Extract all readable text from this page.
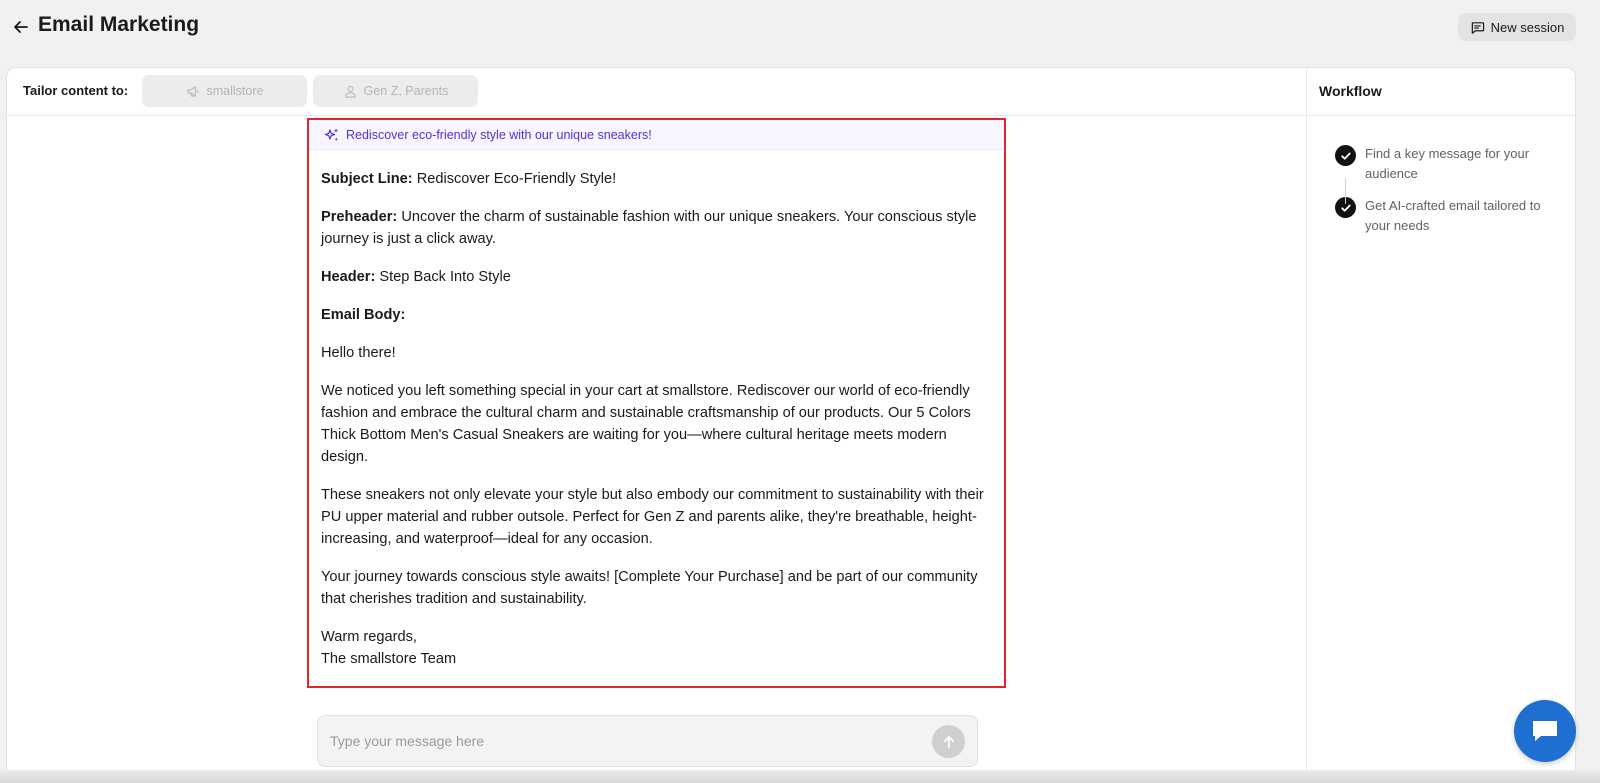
Email Marketing	New session
Tailor content to:	smallstore	Gen Z, Parents	Workflow
Find a key message for your audience
Get AI-crafted email tailored to your needs
Rediscover eco-friendly style with our unique sneakers!

Subject Line: Rediscover Eco-Friendly Style!

Preheader: Uncover the charm of sustainable fashion with our unique sneakers. Your conscious style journey is just a click away.

Header: Step Back Into Style

Email Body:

Hello there!

We noticed you left something special in your cart at smallstore. Rediscover our world of eco-friendly fashion and embrace the cultural charm and sustainable craftsmanship of our products. Our 5 Colors Thick Bottom Men's Casual Sneakers are waiting for you—where cultural heritage meets modern design.

These sneakers not only elevate your style but also embody our commitment to sustainability with their PU upper material and rubber outsole. Perfect for Gen Z and parents alike, they're breathable, height-increasing, and waterproof—ideal for any occasion.

Your journey towards conscious style awaits! [Complete Your Purchase] and be part of our community that cherishes tradition and sustainability.

Warm regards,
The smallstore Team

Type your message here
